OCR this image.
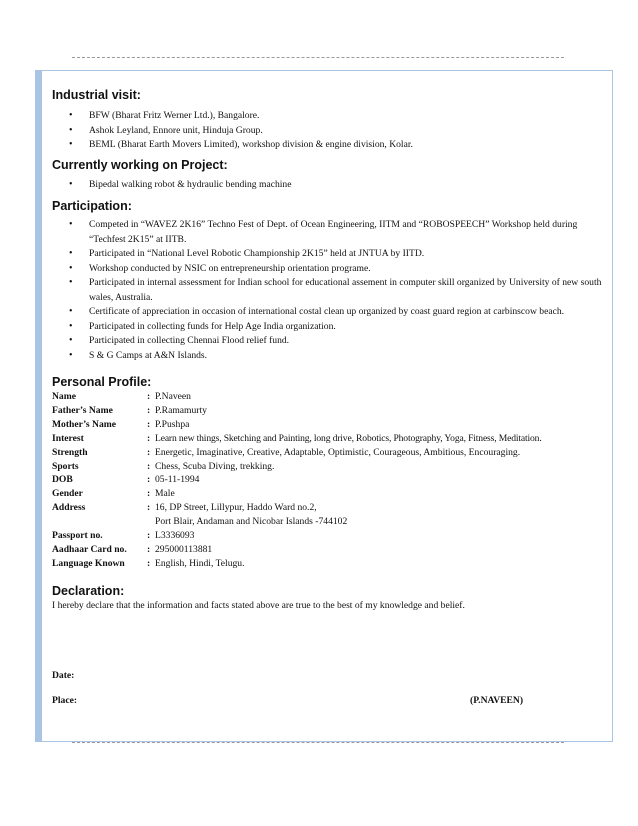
Industrial visit:
• BFW (Bharat Fritz Werner Ltd.), Bangalore.
• Ashok Leyland, Ennore unit, Hinduja Group.
• BEML (Bharat Earth Movers Limited), workshop division & engine division, Kolar.
Currently working on Project:
• Bipedal walking robot & hydraulic bending machine
Participation:
• Competed in “WAVEZ 2K16” Techno Fest of Dept. of Ocean Engineering, IITM and “ROBOSPEECH” Workshop held during “Techfest 2K15” at IITB.
• Participated in “National Level Robotic Championship 2K15” held at JNTUA by IITD.
• Workshop conducted by NSIC on entrepreneurship orientation programe.
• Participated in internal assessment for Indian school for educational assement in computer skill organized by University of new south wales, Australia.
• Certificate of appreciation in occasion of international costal clean up organized by coast guard region at carbinscow beach.
• Participated in collecting funds for Help Age India organization.
• Participated in collecting Chennai Flood relief fund.
• S & G Camps at A&N Islands.
Personal Profile:
Name	: P.Naveen
Father’s Name	: P.Ramamurty
Mother’s Name	: P.Pushpa
Interest	: Learn new things, Sketching and Painting, long drive, Robotics, Photography, Yoga, Fitness, Meditation.
Strength	: Energetic, Imaginative, Creative, Adaptable, Optimistic, Courageous, Ambitious, Encouraging.
Sports	: Chess, Scuba Diving, trekking.
DOB	: 05-11-1994
Gender	: Male
Address	: 16, DP Street, Lillypur, Haddo Ward no.2,
Port Blair, Andaman and Nicobar Islands -744102
Passport no.	: L3336093
Aadhaar Card no.	: 295000113881
Language Known	: English, Hindi, Telugu.
Declaration:
I hereby declare that the information and facts stated above are true to the best of my knowledge and belief.
Date:
Place:	(P.NAVEEN)
